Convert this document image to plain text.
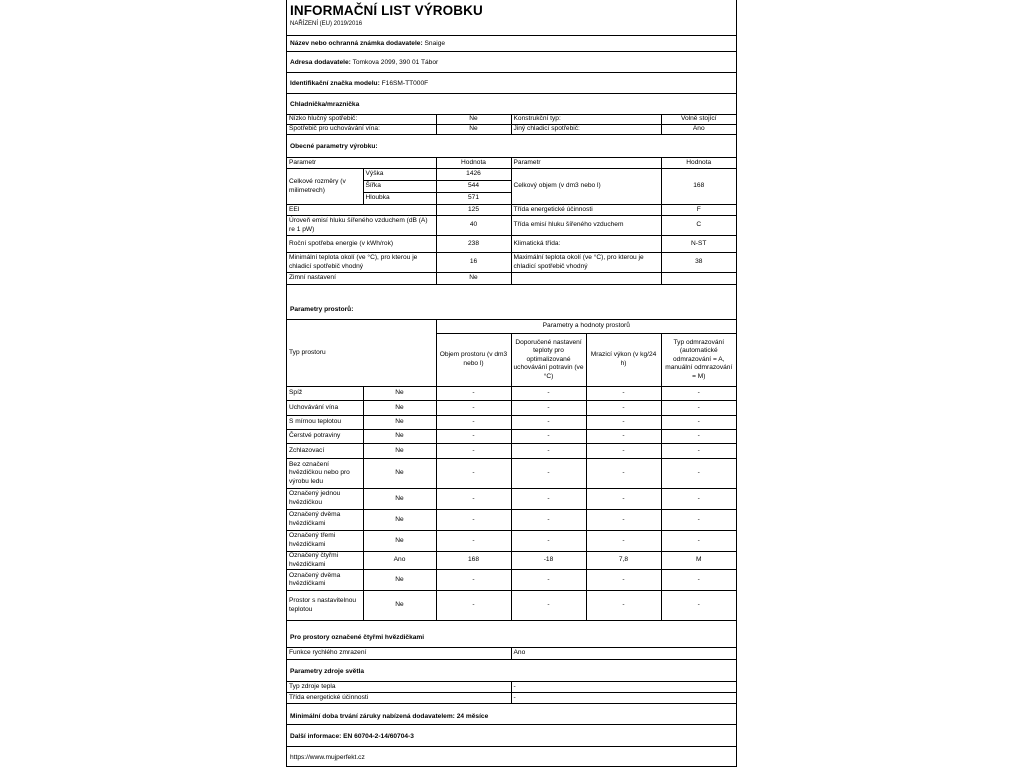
INFORMAČNÍ LIST VÝROBKU
NAŘÍZENÍ (EU) 2019/2016
Název nebo ochranná známka dodavatele: Snaige
Adresa dodavatele: Tomkova 2099, 390 01 Tábor
Identifikační značka modelu: F16SM-TT000F
Chladnička/mraznička
Nízko hlučný spotřebič:	Ne	Konstrukční typ:	Volně stojící
Spotřebič pro uchovávání vína:	Ne	Jiný chladicí spotřebič:	Ano
Obecné parametry výrobku:
Parametr		Hodnota	Parametr	Hodnota
Celkové rozměry (v milimetrech)	Výška	1426	Celkový objem (v dm3 nebo l)	168
	Šířka	544		
	Hloubka	571		
EEI		125	Třída energetické účinnosti	F
Úroveň emisí hluku šířeného vzduchem (dB (A) re 1 pW)		40	Třída emisí hluku šířeného vzduchem	C
Roční spotřeba energie (v kWh/rok)		238	Klimatická třída:	N-ST
Minimální teplota okolí (ve °C), pro kterou je chladicí spotřebič vhodný		16	Maximální teplota okolí (ve °C), pro kterou je chladicí spotřebič vhodný	38
Zimní nastavení		Ne		
Parametry prostorů:
Typ prostoru		Parametry a hodnoty prostorů			
		Objem prostoru (v dm3 nebo l)	Doporučené nastavení teploty pro optimalizované uchovávání potravin (ve °C)	Mrazicí výkon (v kg/24 h)	Typ odmrazování (automatické odmrazování = A, manuální odmrazování = M)
Spíž	Ne	-	-	-	-
Uchovávání vína	Ne	-	-	-	-
S mírnou teplotou	Ne	-	-	-	-
Čerstvé potraviny	Ne	-	-	-	-
Zchlazovací	Ne	-	-	-	-
Bez označení hvězdičkou nebo pro výrobu ledu	Ne	-	-	-	-
Označený jednou hvězdičkou	Ne	-	-	-	-
Označený dvěma hvězdičkami	Ne	-	-	-	-
Označený třemi hvězdičkami	Ne	-	-	-	-
Označený čtyřmi hvězdičkami	Ano	168	-18	7,8	M
Označený dvěma hvězdičkami	Ne	-	-	-	-
Prostor s nastavitelnou teplotou	Ne	-	-	-	-
Pro prostory označené čtyřmi hvězdičkami
Funkce rychlého zmrazení	Ano
Parametry zdroje světla
Typ zdroje tepla	-
Třída energetické účinnosti	-
Minimální doba trvání záruky nabízená dodavatelem: 24 měsíce
Další informace: EN 60704-2-14/60704-3
https://www.mujperfekt.cz
